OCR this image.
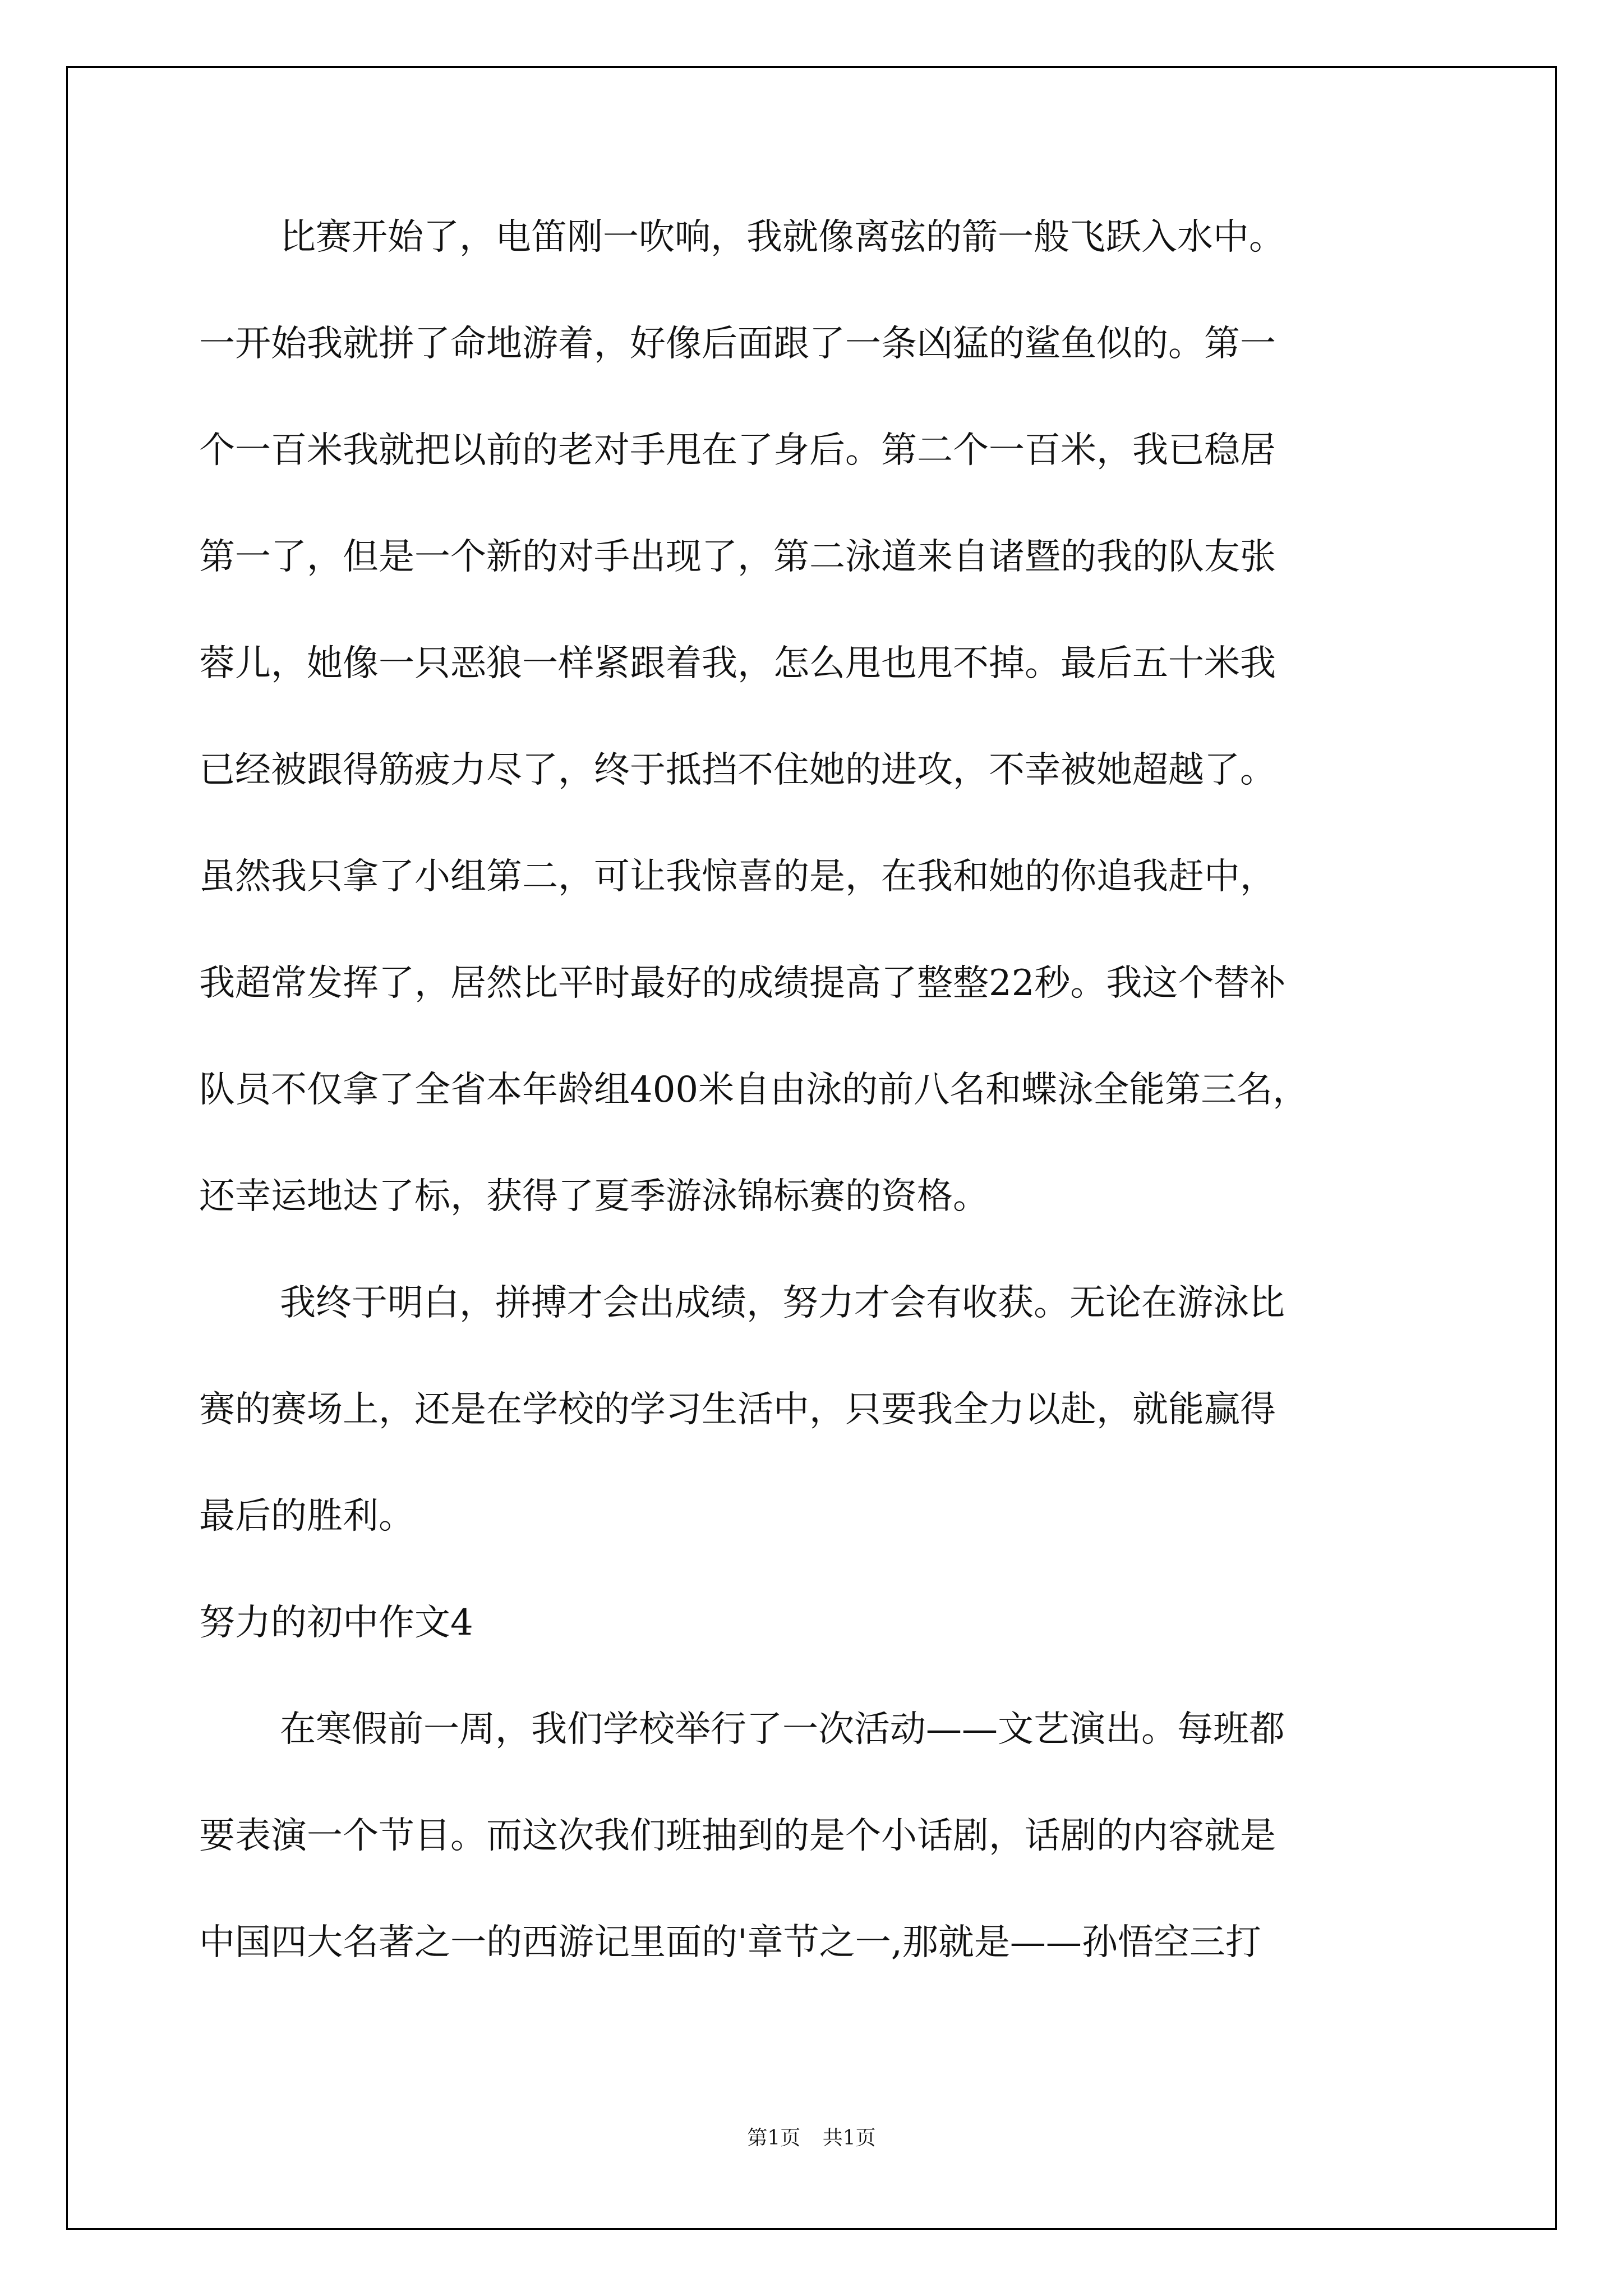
比赛开始了，电笛刚一吹响，我就像离弦的箭一般飞跃入水中。
一开始我就拼了命地游着，好像后面跟了一条凶猛的鲨鱼似的。第一
个一百米我就把以前的老对手甩在了身后。第二个一百米，我已稳居
第一了，但是一个新的对手出现了，第二泳道来自诸暨的我的队友张
蓉儿，她像一只恶狼一样紧跟着我，怎么甩也甩不掉。最后五十米我
已经被跟得筋疲力尽了，终于抵挡不住她的进攻，不幸被她超越了。
虽然我只拿了小组第二，可让我惊喜的是，在我和她的你追我赶中，
我超常发挥了，居然比平时最好的成绩提高了整整22秒。我这个替补
队员不仅拿了全省本年龄组400米自由泳的前八名和蝶泳全能第三名，
还幸运地达了标，获得了夏季游泳锦标赛的资格。
我终于明白，拼搏才会出成绩，努力才会有收获。无论在游泳比
赛的赛场上，还是在学校的学习生活中，只要我全力以赴，就能赢得
最后的胜利。
努力的初中作文4
在寒假前一周，我们学校举行了一次活动——文艺演出。每班都
要表演一个节目。而这次我们班抽到的是个小话剧，话剧的内容就是
中国四大名著之一的西游记里面的'章节之一,那就是——孙悟空三打
第1页 共1页
